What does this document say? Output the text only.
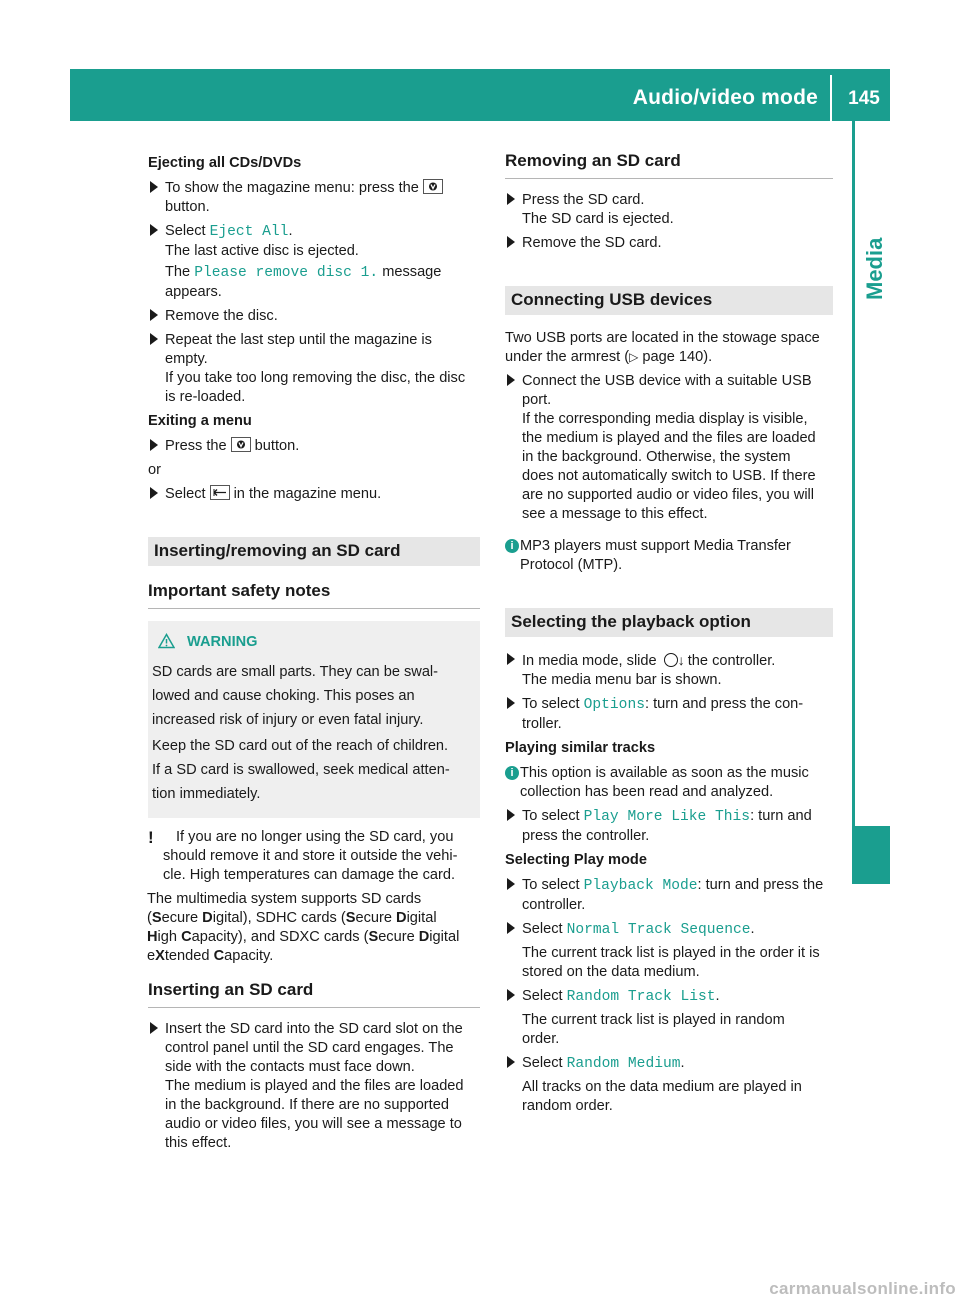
Audio/video mode 145
Media
Ejecting all CDs/DVDs
To show the magazine menu: press the

button.
Select Eject All.
The last active disc is ejected.
The Please remove disc 1. message
appears.
Remove the disc.
Repeat the last step until the magazine is
empty.
If you take too long removing the disc, the disc
is re-loaded.
Exiting a menu
Press the button.
or
Select in the magazine menu.
Inserting/removing an SD card
Important safety notes
WARNING
SD cards are small parts. They can be swal-
lowed and cause choking. This poses an
increased risk of injury or even fatal injury.
Keep the SD card out of the reach of children.
If a SD card is swallowed, seek medical atten-
tion immediately.
!	If you are no longer using the SD card, you
should remove it and store it outside the vehi-
cle. High temperatures can damage the card.
The multimedia system supports SD cards
(Secure Digital), SDHC cards (Secure Digital
High Capacity), and SDXC cards (Secure Digital
eXtended Capacity.
Inserting an SD card
Insert the SD card into the SD card slot on the
control panel until the SD card engages. The
side with the contacts must face down.
The medium is played and the files are loaded
in the background. If there are no supported
audio or video files, you will see a message to
this effect.
Removing an SD card
Press the SD card.
The SD card is ejected.
Remove the SD card.
Connecting USB devices
Two USB ports are located in the stowage space
under the armrest (▷ page 140).
Connect the USB device with a suitable USB
port.
If the corresponding media display is visible,
the medium is played and the files are loaded
in the background. Otherwise, the system
does not automatically switch to USB. If there
are no supported audio or video files, you will
see a message to this effect.
i MP3 players must support Media Transfer
Protocol (MTP).
Selecting the playback option
In media mode, slide ↓ the controller.
The media menu bar is shown.
To select Options: turn and press the con-
troller.
Playing similar tracks
i This option is available as soon as the music
collection has been read and analyzed.
To select Play More Like This: turn and
press the controller.
Selecting Play mode
To select Playback Mode: turn and press the
controller.
Select Normal Track Sequence.
The current track list is played in the order it is
stored on the data medium.
Select Random Track List.
The current track list is played in random
order.
Select Random Medium.
All tracks on the data medium are played in
random order.
carmanualsonline.info
